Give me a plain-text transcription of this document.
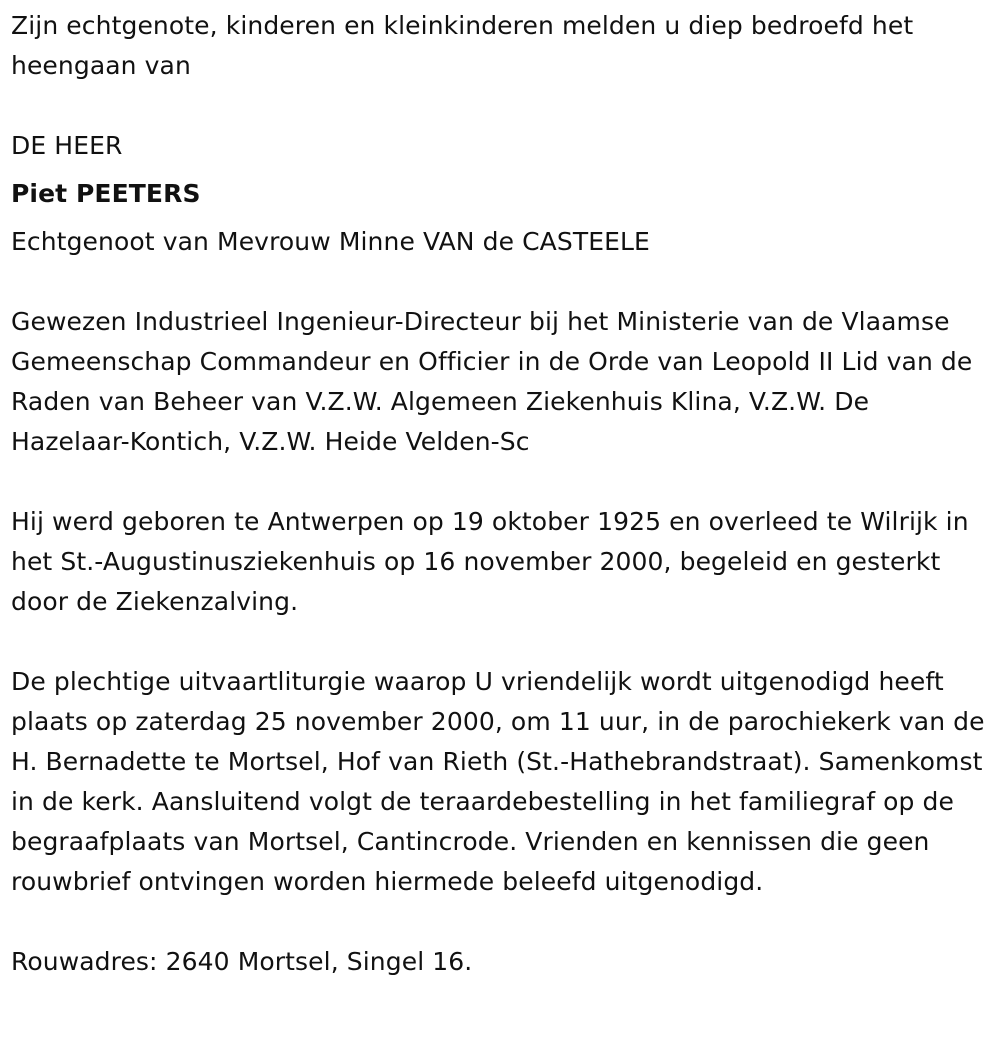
Zijn echtgenote, kinderen en kleinkinderen melden u diep bedroefd het heengaan van

DE HEER

Piet PEETERS

Echtgenoot van Mevrouw Minne VAN de CASTEELE

Gewezen Industrieel Ingenieur-Directeur bij het Ministerie van de Vlaamse Gemeenschap Commandeur en Officier in de Orde van Leopold II Lid van de Raden van Beheer van V.Z.W. Algemeen Ziekenhuis Klina, V.Z.W. De Hazelaar-Kontich, V.Z.W. Heide Velden-Sc

Hij werd geboren te Antwerpen op 19 oktober 1925 en overleed te Wilrijk in het St.-Augustinusziekenhuis op 16 november 2000, begeleid en gesterkt door de Ziekenzalving.

De plechtige uitvaartliturgie waarop U vriendelijk wordt uitgenodigd heeft plaats op zaterdag 25 november 2000, om 11 uur, in de parochiekerk van de H. Bernadette te Mortsel, Hof van Rieth (St.-Hathebrandstraat). Samenkomst in de kerk. Aansluitend volgt de teraardebestelling in het familiegraf op de begraafplaats van Mortsel, Cantincrode. Vrienden en kennissen die geen rouwbrief ontvingen worden hiermede beleefd uitgenodigd.

Rouwadres: 2640 Mortsel, Singel 16.
